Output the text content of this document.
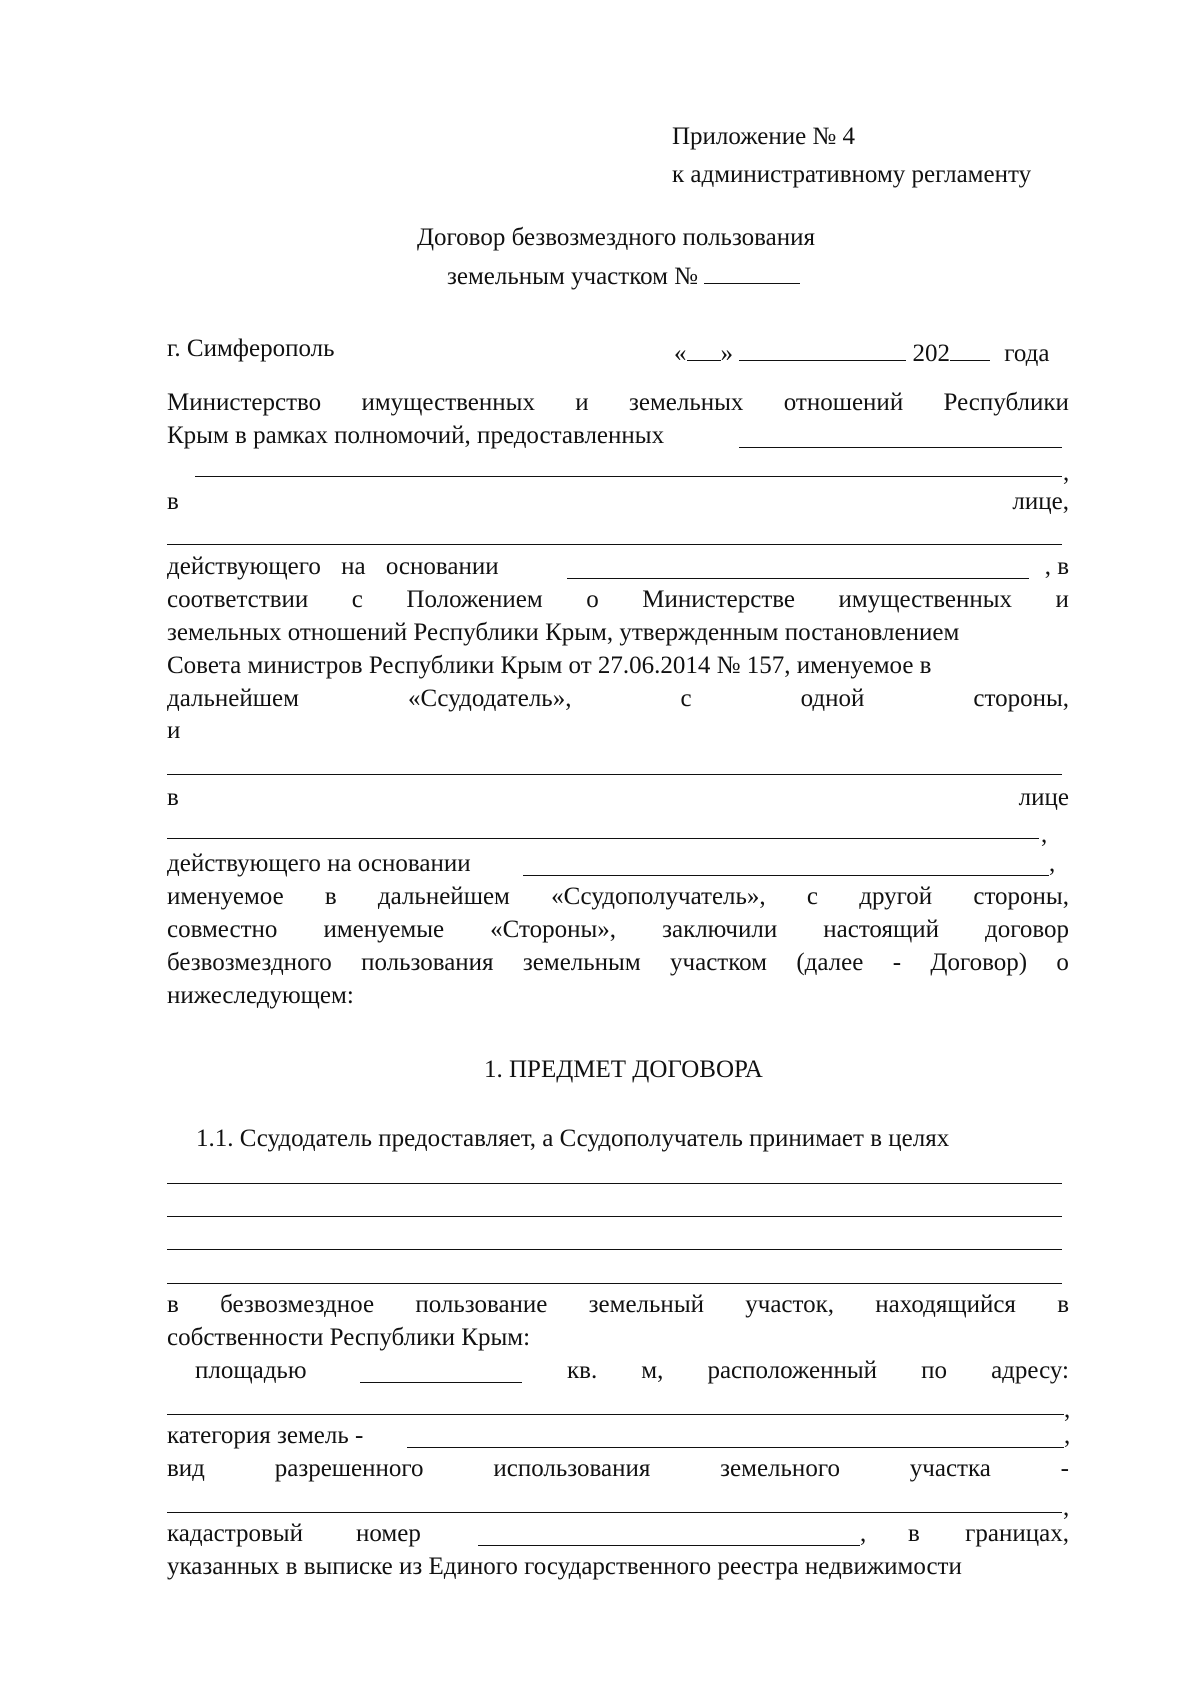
Приложение № 4
к административному регламенту
Договор безвозмездного пользования
земельным участком №
г. Симферополь	« »	202 года
Министерство имущественных и земельных отношений Республики
Крым в рамках полномочий, предоставленных
,
в	лице,
действующего на основании	, в
соответствии с Положением о Министерстве имущественных и
земельных отношений Республики Крым, утвержденным постановлением
Совета министров Республики Крым от 27.06.2014 № 157, именуемое в
дальнейшем	«Ссудодатель»,	с	одной	стороны,
и
в	лице
,
действующего на основании	,
именуемое в дальнейшем «Ссудополучатель», с другой стороны,
совместно именуемые «Стороны», заключили настоящий договор
безвозмездного пользования земельным участком (далее - Договор) о
нижеследующем:
1. ПРЕДМЕТ ДОГОВОРА
1.1. Ссудодатель предоставляет, а Ссудополучатель принимает в целях
в безвозмездное пользование земельный участок, находящийся в
собственности Республики Крым:
площадью	кв. м, расположенный по адресу:
,
категория земель -	,
вид	разрешенного	использования	земельного	участка	-
,
кадастровый номер	, в границах,
указанных в выписке из Единого государственного реестра недвижимости
